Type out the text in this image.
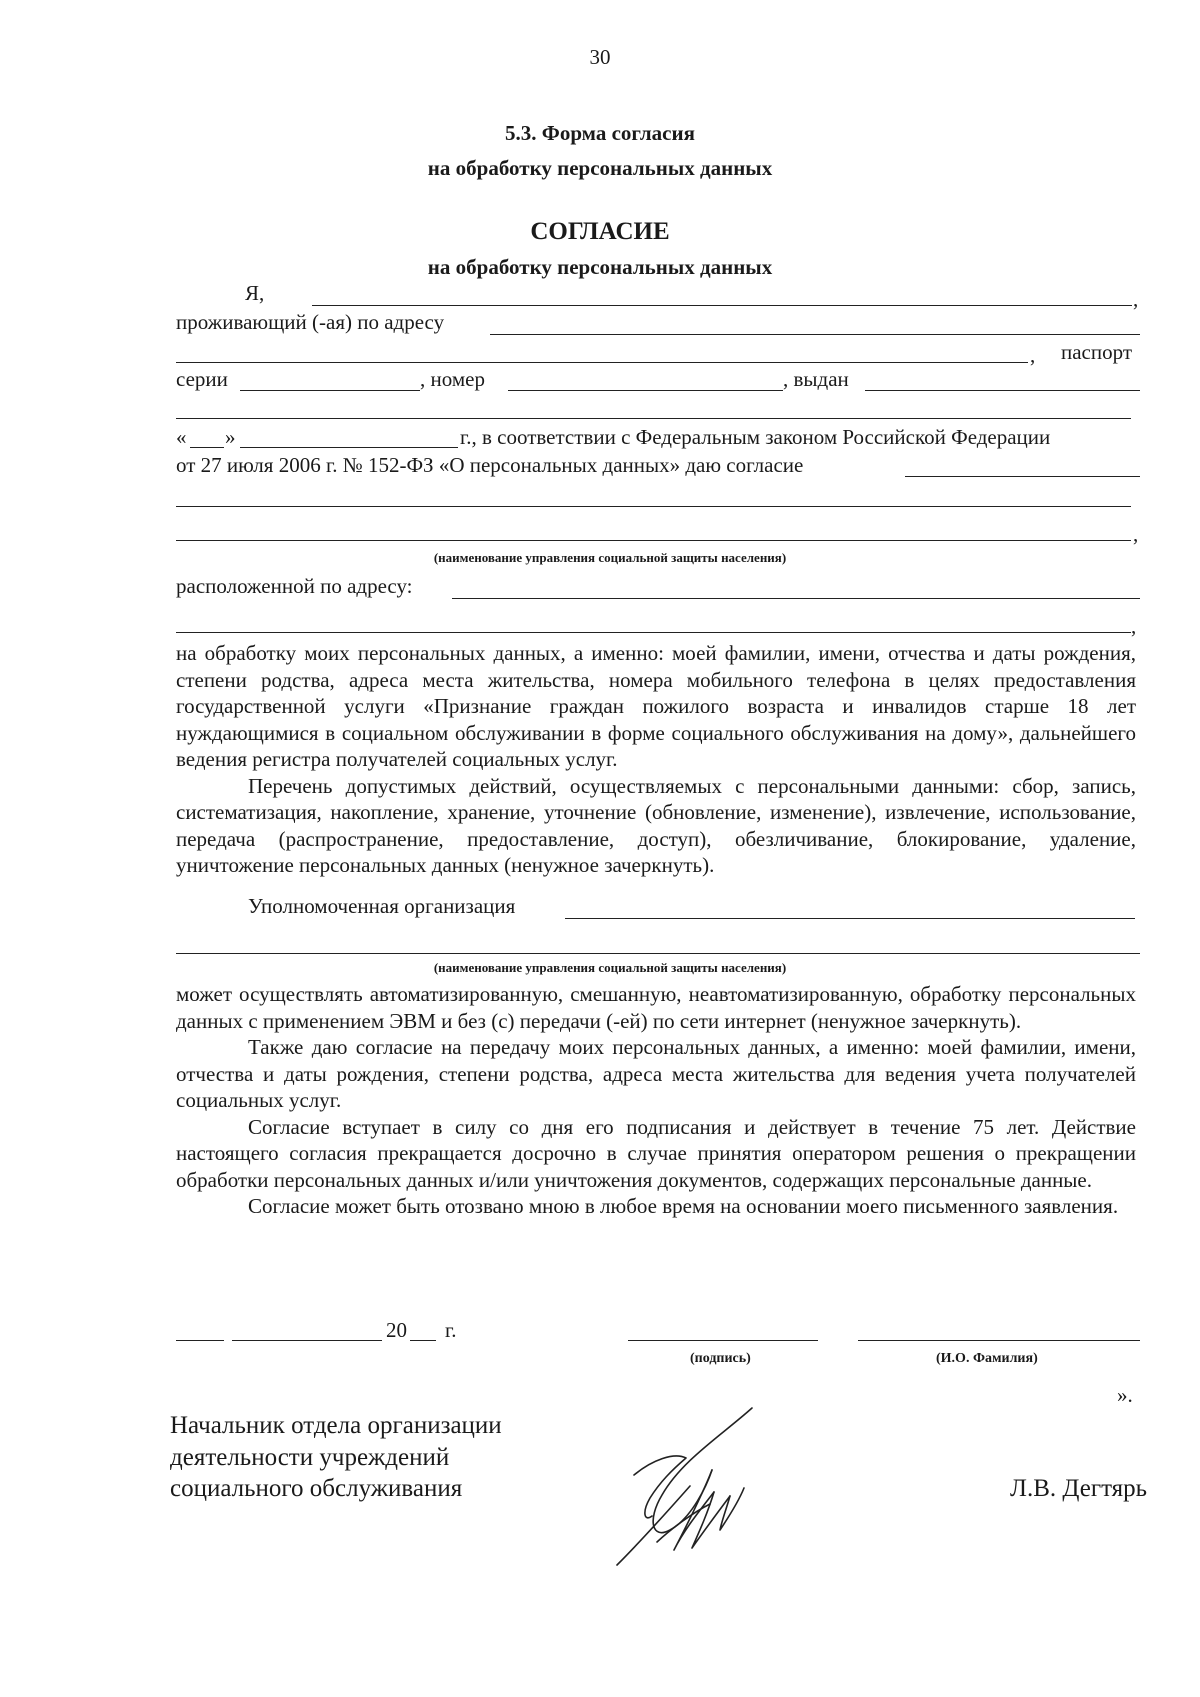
30
5.3. Форма согласия
на обработку персональных данных
СОГЛАСИЕ
на обработку персональных данных
Я,	,
проживающий (-ая) по адресу
, паспорт
серии	, номер	, выдан
« »	г., в соответствии с Федеральным законом Российской Федерации
от 27 июля 2006 г. № 152-ФЗ «О персональных данных» даю согласие
,
(наименование управления социальной защиты населения)
расположенной по адресу:
,

на обработку моих персональных данных, а именно: моей фамилии, имени, отчества и даты рождения, степени родства, адреса места жительства, номера мобильного телефона в целях предоставления государственной услуги «Признание граждан пожилого возраста и инвалидов старше 18 лет нуждающимися в социальном обслуживании в форме социального обслуживания на дому», дальнейшего ведения регистра получателей социальных услуг.

Перечень допустимых действий, осуществляемых с персональными данными: сбор, запись, систематизация, накопление, хранение, уточнение (обновление, изменение), извлечение, использование, передача (распространение, предоставление, доступ), обезличивание, блокирование, удаление, уничтожение персональных данных (ненужное зачеркнуть).

Уполномоченная организация
(наименование управления социальной защиты населения)

может осуществлять автоматизированную, смешанную, неавтоматизированную, обработку персональных данных с применением ЭВМ и без (с) передачи (-ей) по сети интернет (ненужное зачеркнуть).

Также даю согласие на передачу моих персональных данных, а именно: моей фамилии, имени, отчества и даты рождения, степени родства, адреса места жительства для ведения учета получателей социальных услуг.

Согласие вступает в силу со дня его подписания и действует в течение 75 лет. Действие настоящего согласия прекращается досрочно в случае принятия оператором решения о прекращении обработки персональных данных и/или уничтожения документов, содержащих персональные данные.

Согласие может быть отозвано мною в любое время на основании моего письменного заявления.

20 г.
(подпись)	(И.О. Фамилия)
».
Начальник отдела организации
деятельности учреждений
социального обслуживания	Л.В. Дегтярь
